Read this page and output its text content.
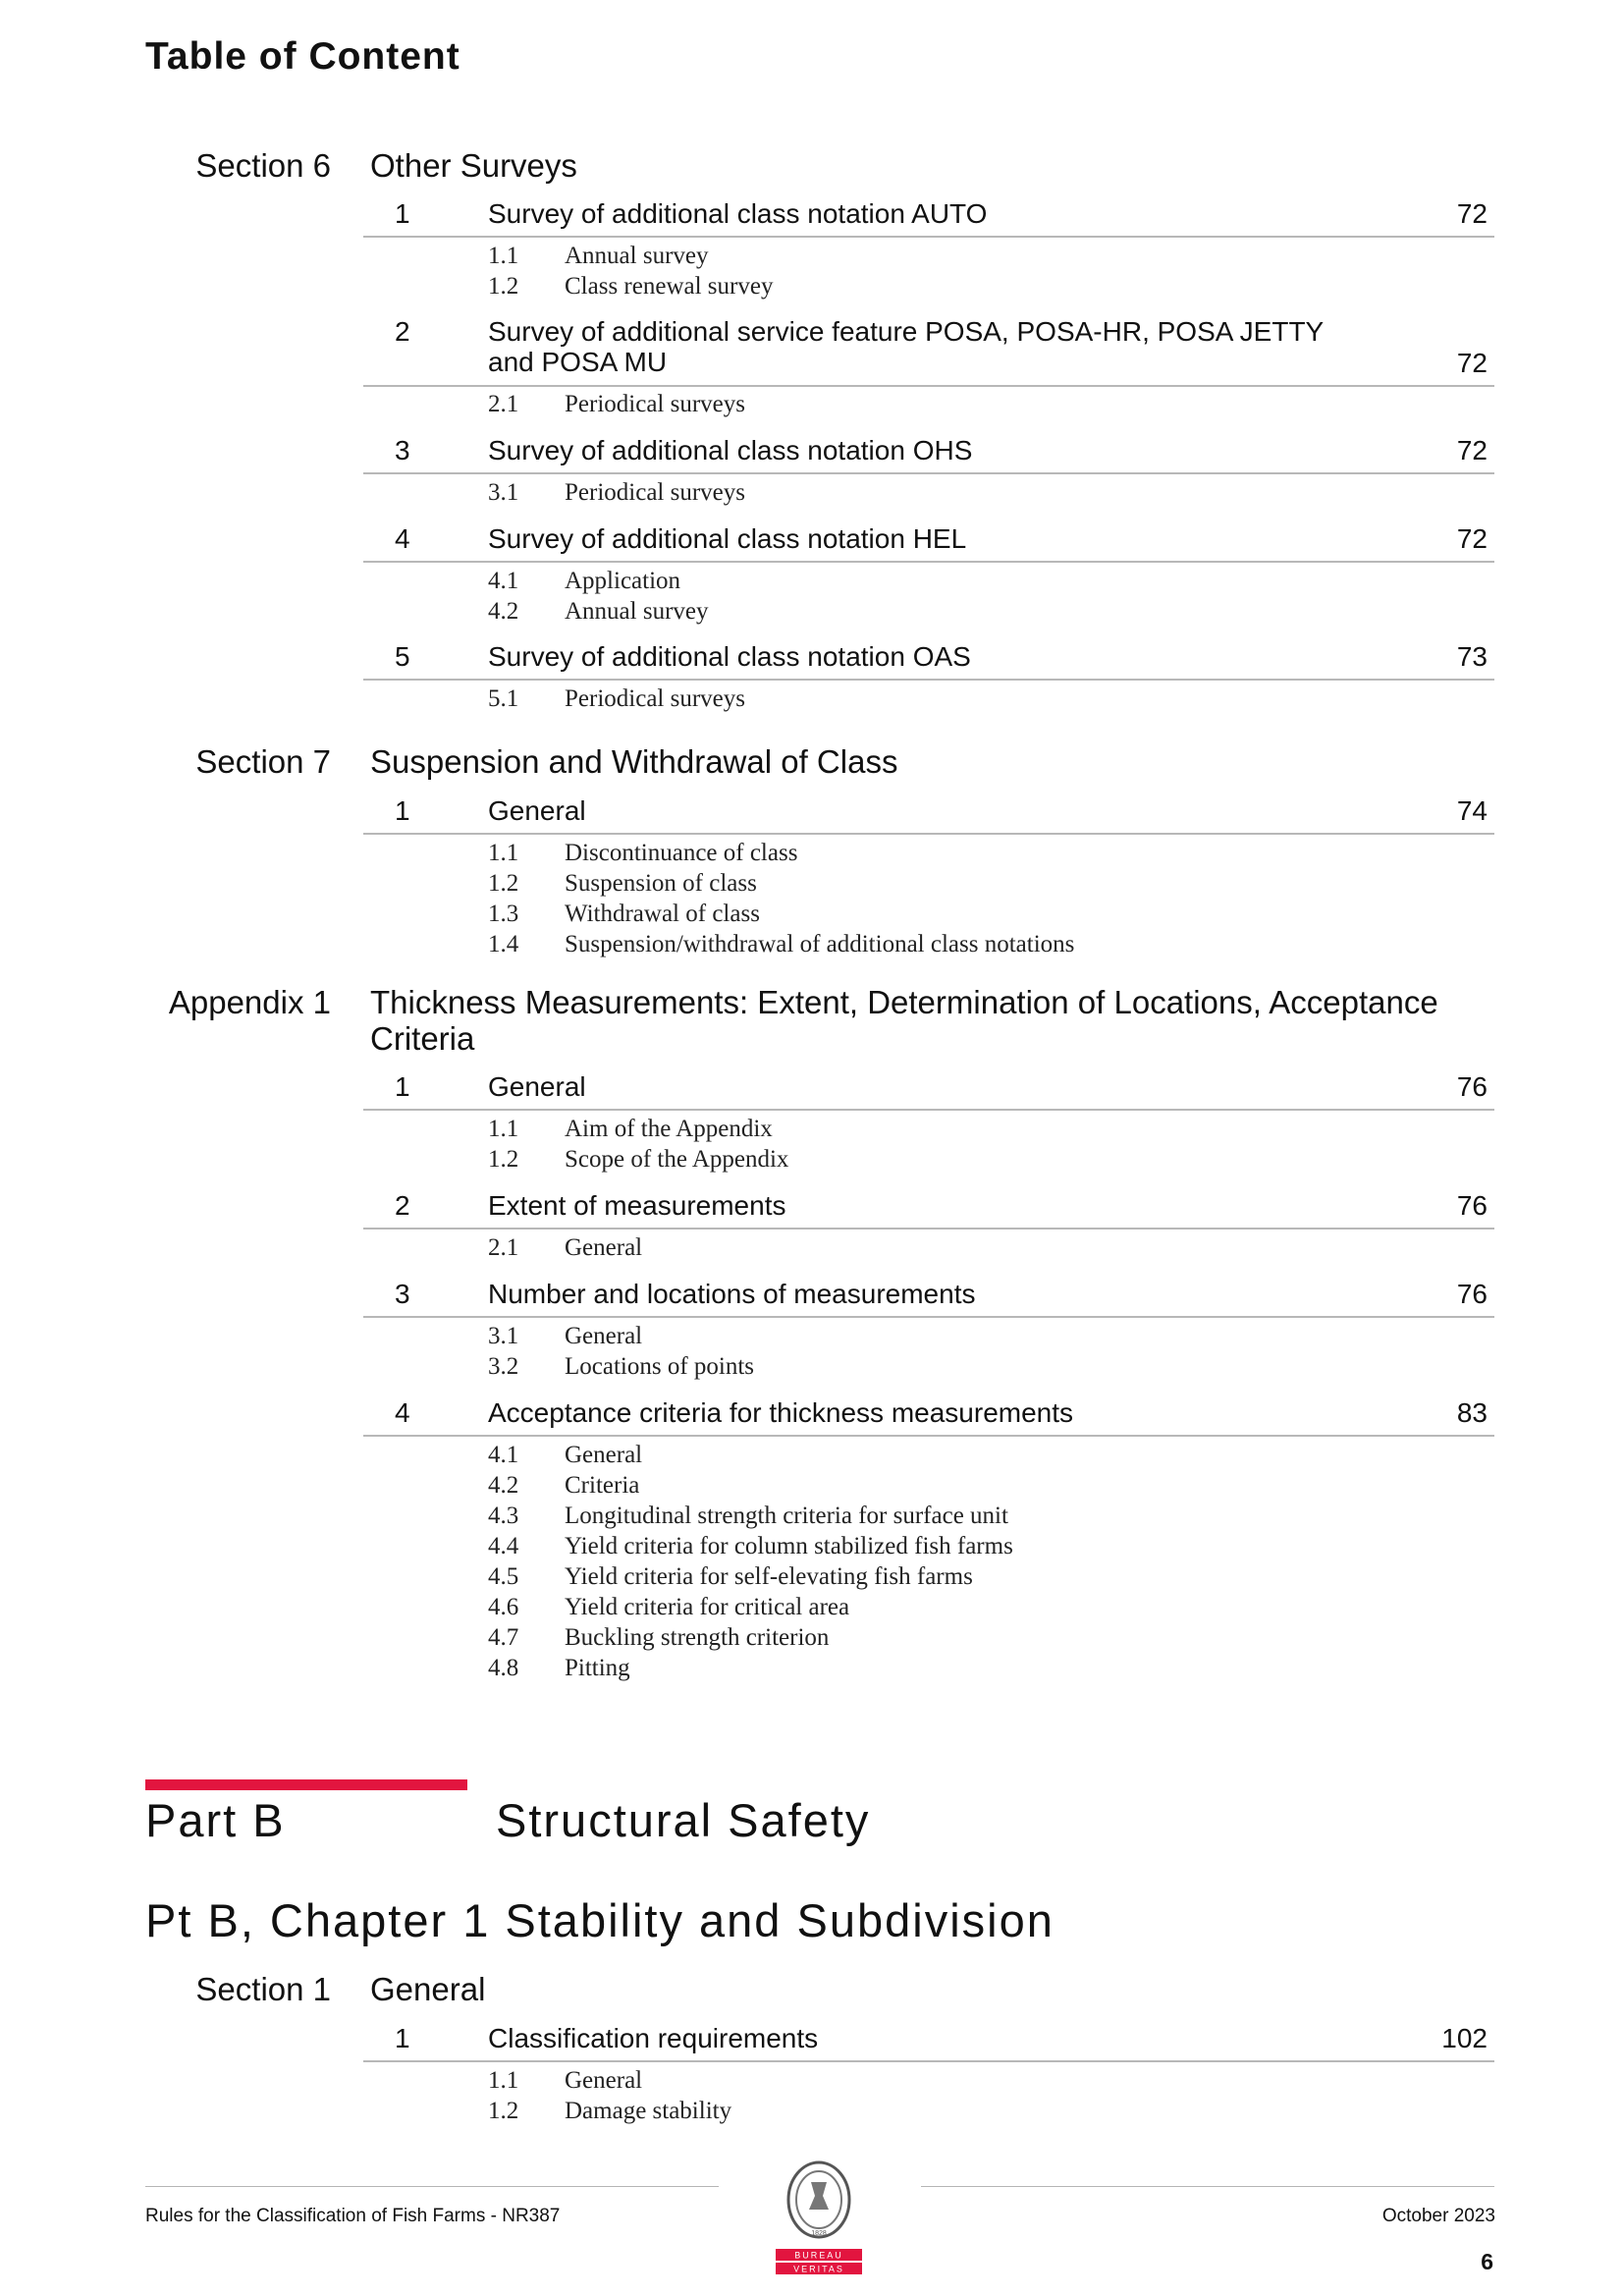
Table of Content
Section 6 Other Surveys
1	Survey of additional class notation AUTO	72
1.1 Annual survey
1.2 Class renewal survey
2	Survey of additional service feature POSA, POSA-HR, POSA JETTY and POSA MU	72
2.1 Periodical surveys
3	Survey of additional class notation OHS	72
3.1 Periodical surveys
4	Survey of additional class notation HEL	72
4.1 Application
4.2 Annual survey
5	Survey of additional class notation OAS	73
5.1 Periodical surveys
Section 7 Suspension and Withdrawal of Class
1	General	74
1.1 Discontinuance of class
1.2 Suspension of class
1.3 Withdrawal of class
1.4 Suspension/withdrawal of additional class notations
Appendix 1 Thickness Measurements: Extent, Determination of Locations, Acceptance Criteria
1	General	76
1.1 Aim of the Appendix
1.2 Scope of the Appendix
2	Extent of measurements	76
2.1 General
3	Number and locations of measurements	76
3.1 General
3.2 Locations of points
4	Acceptance criteria for thickness measurements	83
4.1 General
4.2 Criteria
4.3 Longitudinal strength criteria for surface unit
4.4 Yield criteria for column stabilized fish farms
4.5 Yield criteria for self-elevating fish farms
4.6 Yield criteria for critical area
4.7 Buckling strength criterion
4.8 Pitting
Part B	Structural Safety
Pt B, Chapter 1 Stability and Subdivision
Section 1 General
1	Classification requirements	102
1.1 General
1.2 Damage stability
Rules for the Classification of Fish Farms - NR387	October 2023
6
BUREAU
VERITAS
1828
